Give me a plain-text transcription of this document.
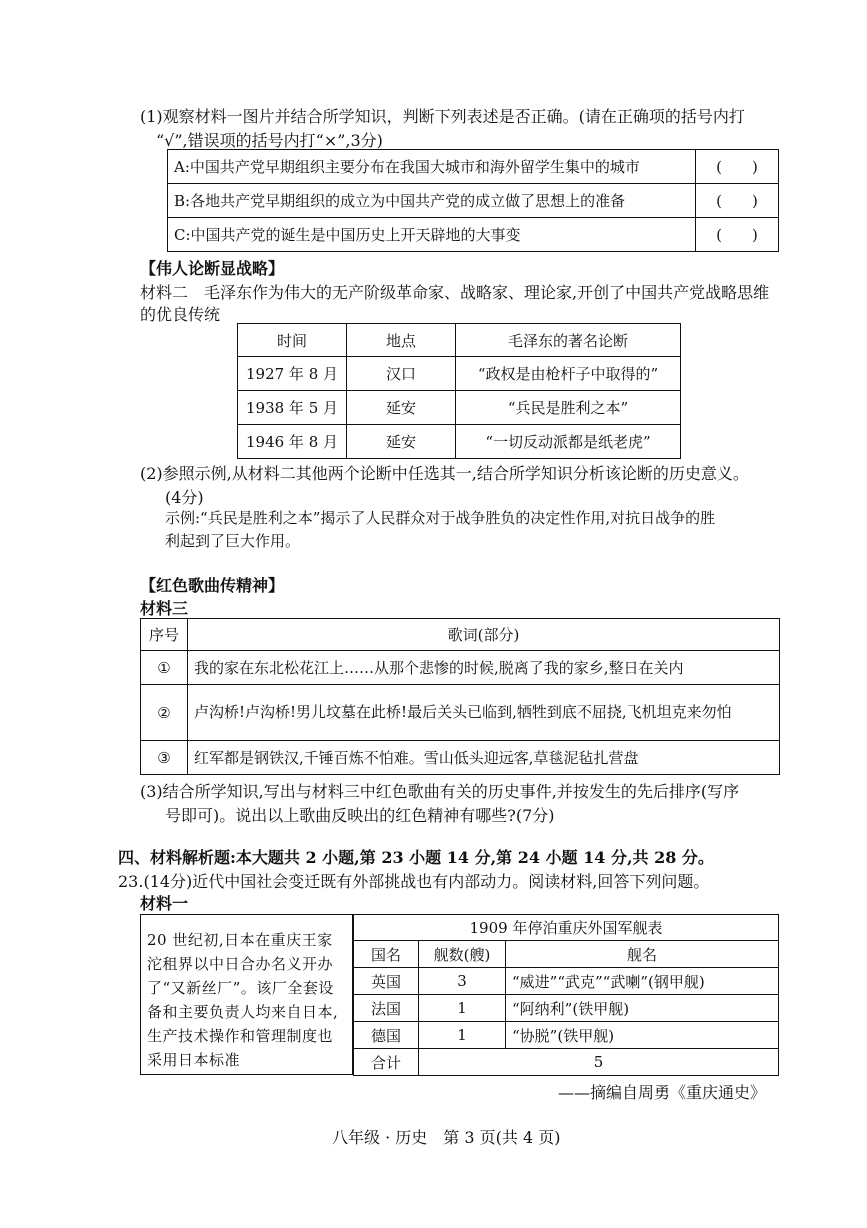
(1)观察材料一图片并结合所学知识，判断下列表述是否正确。(请在正确项的括号内打
“√”,错误项的括号内打“×”,3分)
A:中国共产党早期组织主要分布在我国大城市和海外留学生集中的城市	(　　)
B:各地共产党早期组织的成立为中国共产党的成立做了思想上的准备	(　　)
C:中国共产党的诞生是中国历史上开天辟地的大事变	(　　)
【伟人论断显战略】
材料二　毛泽东作为伟大的无产阶级革命家、战略家、理论家,开创了中国共产党战略思维
的优良传统
时间	地点	毛泽东的著名论断
1927 年 8 月	汉口	“政权是由枪杆子中取得的”
1938 年 5 月	延安	“兵民是胜利之本”
1946 年 8 月	延安	“一切反动派都是纸老虎”
(2)参照示例,从材料二其他两个论断中任选其一,结合所学知识分析该论断的历史意义。
(4分)
示例:“兵民是胜利之本”揭示了人民群众对于战争胜负的决定性作用,对抗日战争的胜
利起到了巨大作用。
【红色歌曲传精神】
材料三
序号	歌词(部分)
①	我的家在东北松花江上……从那个悲惨的时候,脱离了我的家乡,整日在关内
②	卢沟桥!卢沟桥!男儿坟墓在此桥!最后关头已临到,牺牲到底不屈挠,飞机坦克来勿怕
③	红军都是钢铁汉,千锤百炼不怕难。雪山低头迎远客,草毯泥毡扎营盘
(3)结合所学知识,写出与材料三中红色歌曲有关的历史事件,并按发生的先后排序(写序
号即可)。说出以上歌曲反映出的红色精神有哪些?(7分)
四、材料解析题:本大题共 2 小题,第 23 小题 14 分,第 24 小题 14 分,共 28 分。
23.(14分)近代中国社会变迁既有外部挑战也有内部动力。阅读材料,回答下列问题。
材料一
20 世纪初,日本在重庆王家沱租界以中日合办名义开办了“又新丝厂”。该厂全套设备和主要负责人均来自日本,生产技术操作和管理制度也采用日本标准
1909 年停泊重庆外国军舰表		
国名	舰数(艘)	舰名
英国	3	“威进”“武克”“武喇”(钢甲舰)
法国	1	“阿纳利”(铁甲舰)
德国	1	“协脱”(铁甲舰)
合计	5	
——摘编自周勇《重庆通史》
八年级 · 历史　第 3 页(共 4 页)
